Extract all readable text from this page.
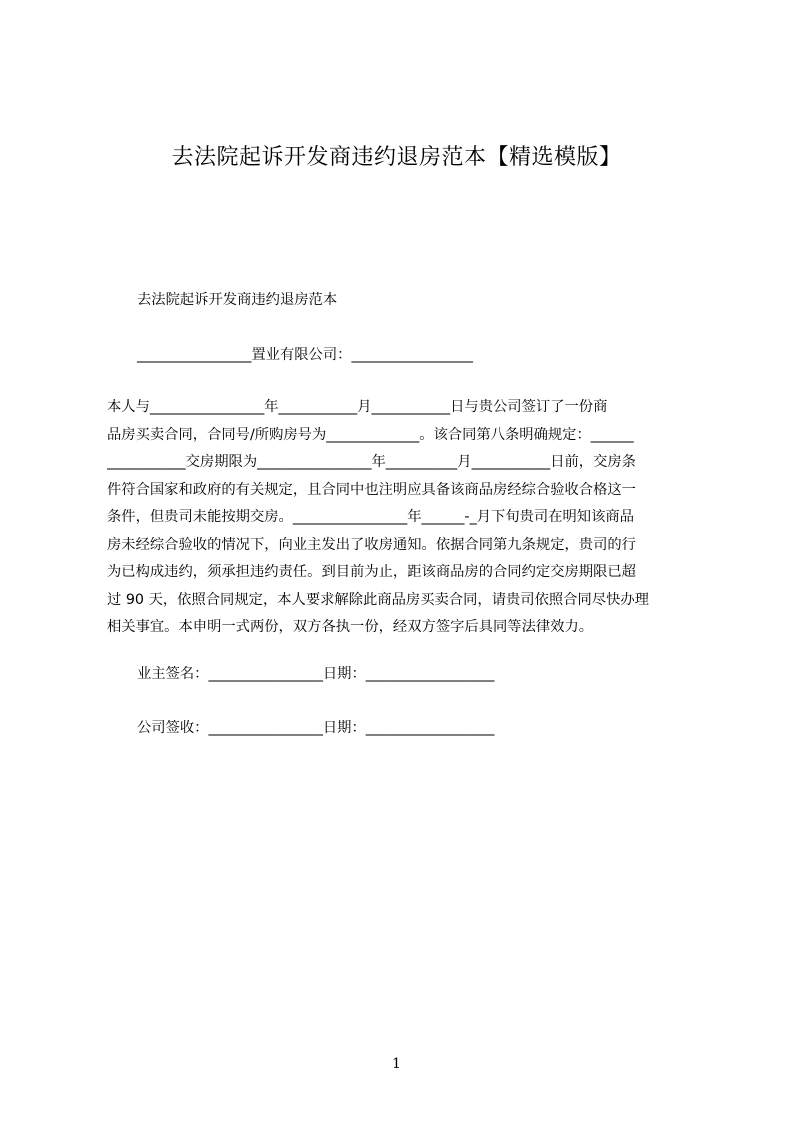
去法院起诉开发商违约退房范本【精选模版】
去法院起诉开发商违约退房范本
________________置业有限公司：_________________
本人与________________年___________月___________日与贵公司签订了一份商
品房买卖合同，合同号/所购房号为_____________。该合同第八条明确规定：______
___________交房期限为________________年__________月___________日前，交房条
件符合国家和政府的有关规定，且合同中也注明应具备该商品房经综合验收合格这一
条件，但贵司未能按期交房。________________年______-_月下旬贵司在明知该商品
房未经综合验收的情况下，向业主发出了收房通知。依据合同第九条规定，贵司的行
为已构成违约，须承担违约责任。到目前为止，距该商品房的合同约定交房期限已超
过 90 天，依照合同规定，本人要求解除此商品房买卖合同，请贵司依照合同尽快办理
相关事宜。本申明一式两份，双方各执一份，经双方签字后具同等法律效力。
业主签名：________________日期：__________________
公司签收：________________日期：__________________
1
